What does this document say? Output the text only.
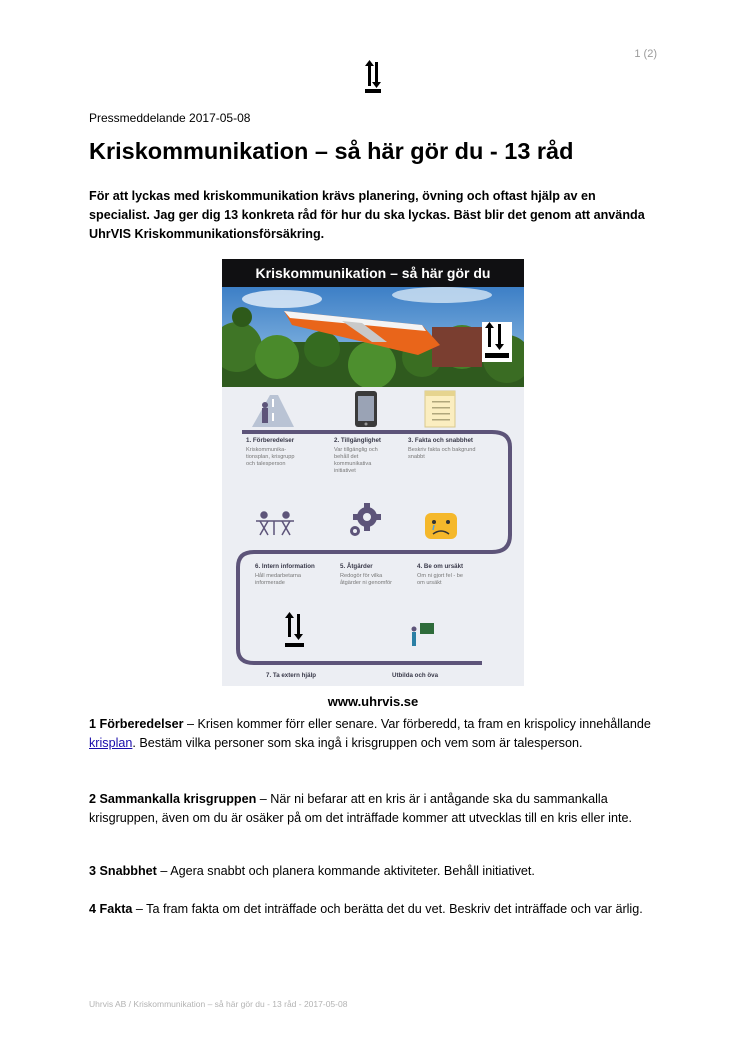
1 (2)
Pressmeddelande 2017-05-08
Kriskommunikation – så här gör du - 13 råd

För att lyckas med kriskommunikation krävs planering, övning och oftast hjälp av en specialist. Jag ger dig 13 konkreta råd för hur du ska lyckas. Bäst blir det genom att använda UhrVIS Kriskommunikationsförsäkring.

Kriskommunikation – så här gör du
1. Förberedelser
Kriskommunika-tionsplan, krisgrupp och talesperson
2. Tillgänglighet
Var tillgänglig och behåll det kommunikativa initiativet
3. Fakta och snabbhet
Beskriv fakta och bakgrund snabbt
6. Intern information
Håll medarbetarna informerade
5. Åtgärder
Redogör för vilka åtgärder ni genomför
4. Be om ursäkt
Om ni gjort fel - be om ursäkt
7. Ta extern hjälp	Utbilda och öva
www.uhrvis.se

1 Förberedelser – Krisen kommer förr eller senare. Var förberedd, ta fram en krispolicy innehållande krisplan. Bestäm vilka personer som ska ingå i krisgruppen och vem som är talesperson.

2 Sammankalla krisgruppen – När ni befarar att en kris är i antågande ska du sammankalla krisgruppen, även om du är osäker på om det inträffade kommer att utvecklas till en kris eller inte.

3 Snabbhet – Agera snabbt och planera kommande aktiviteter. Behåll initiativet.

4 Fakta – Ta fram fakta om det inträffade och berätta det du vet. Beskriv det inträffade och var ärlig.

Uhrvis AB / Kriskommunikation – så här gör du - 13 råd - 2017-05-08
